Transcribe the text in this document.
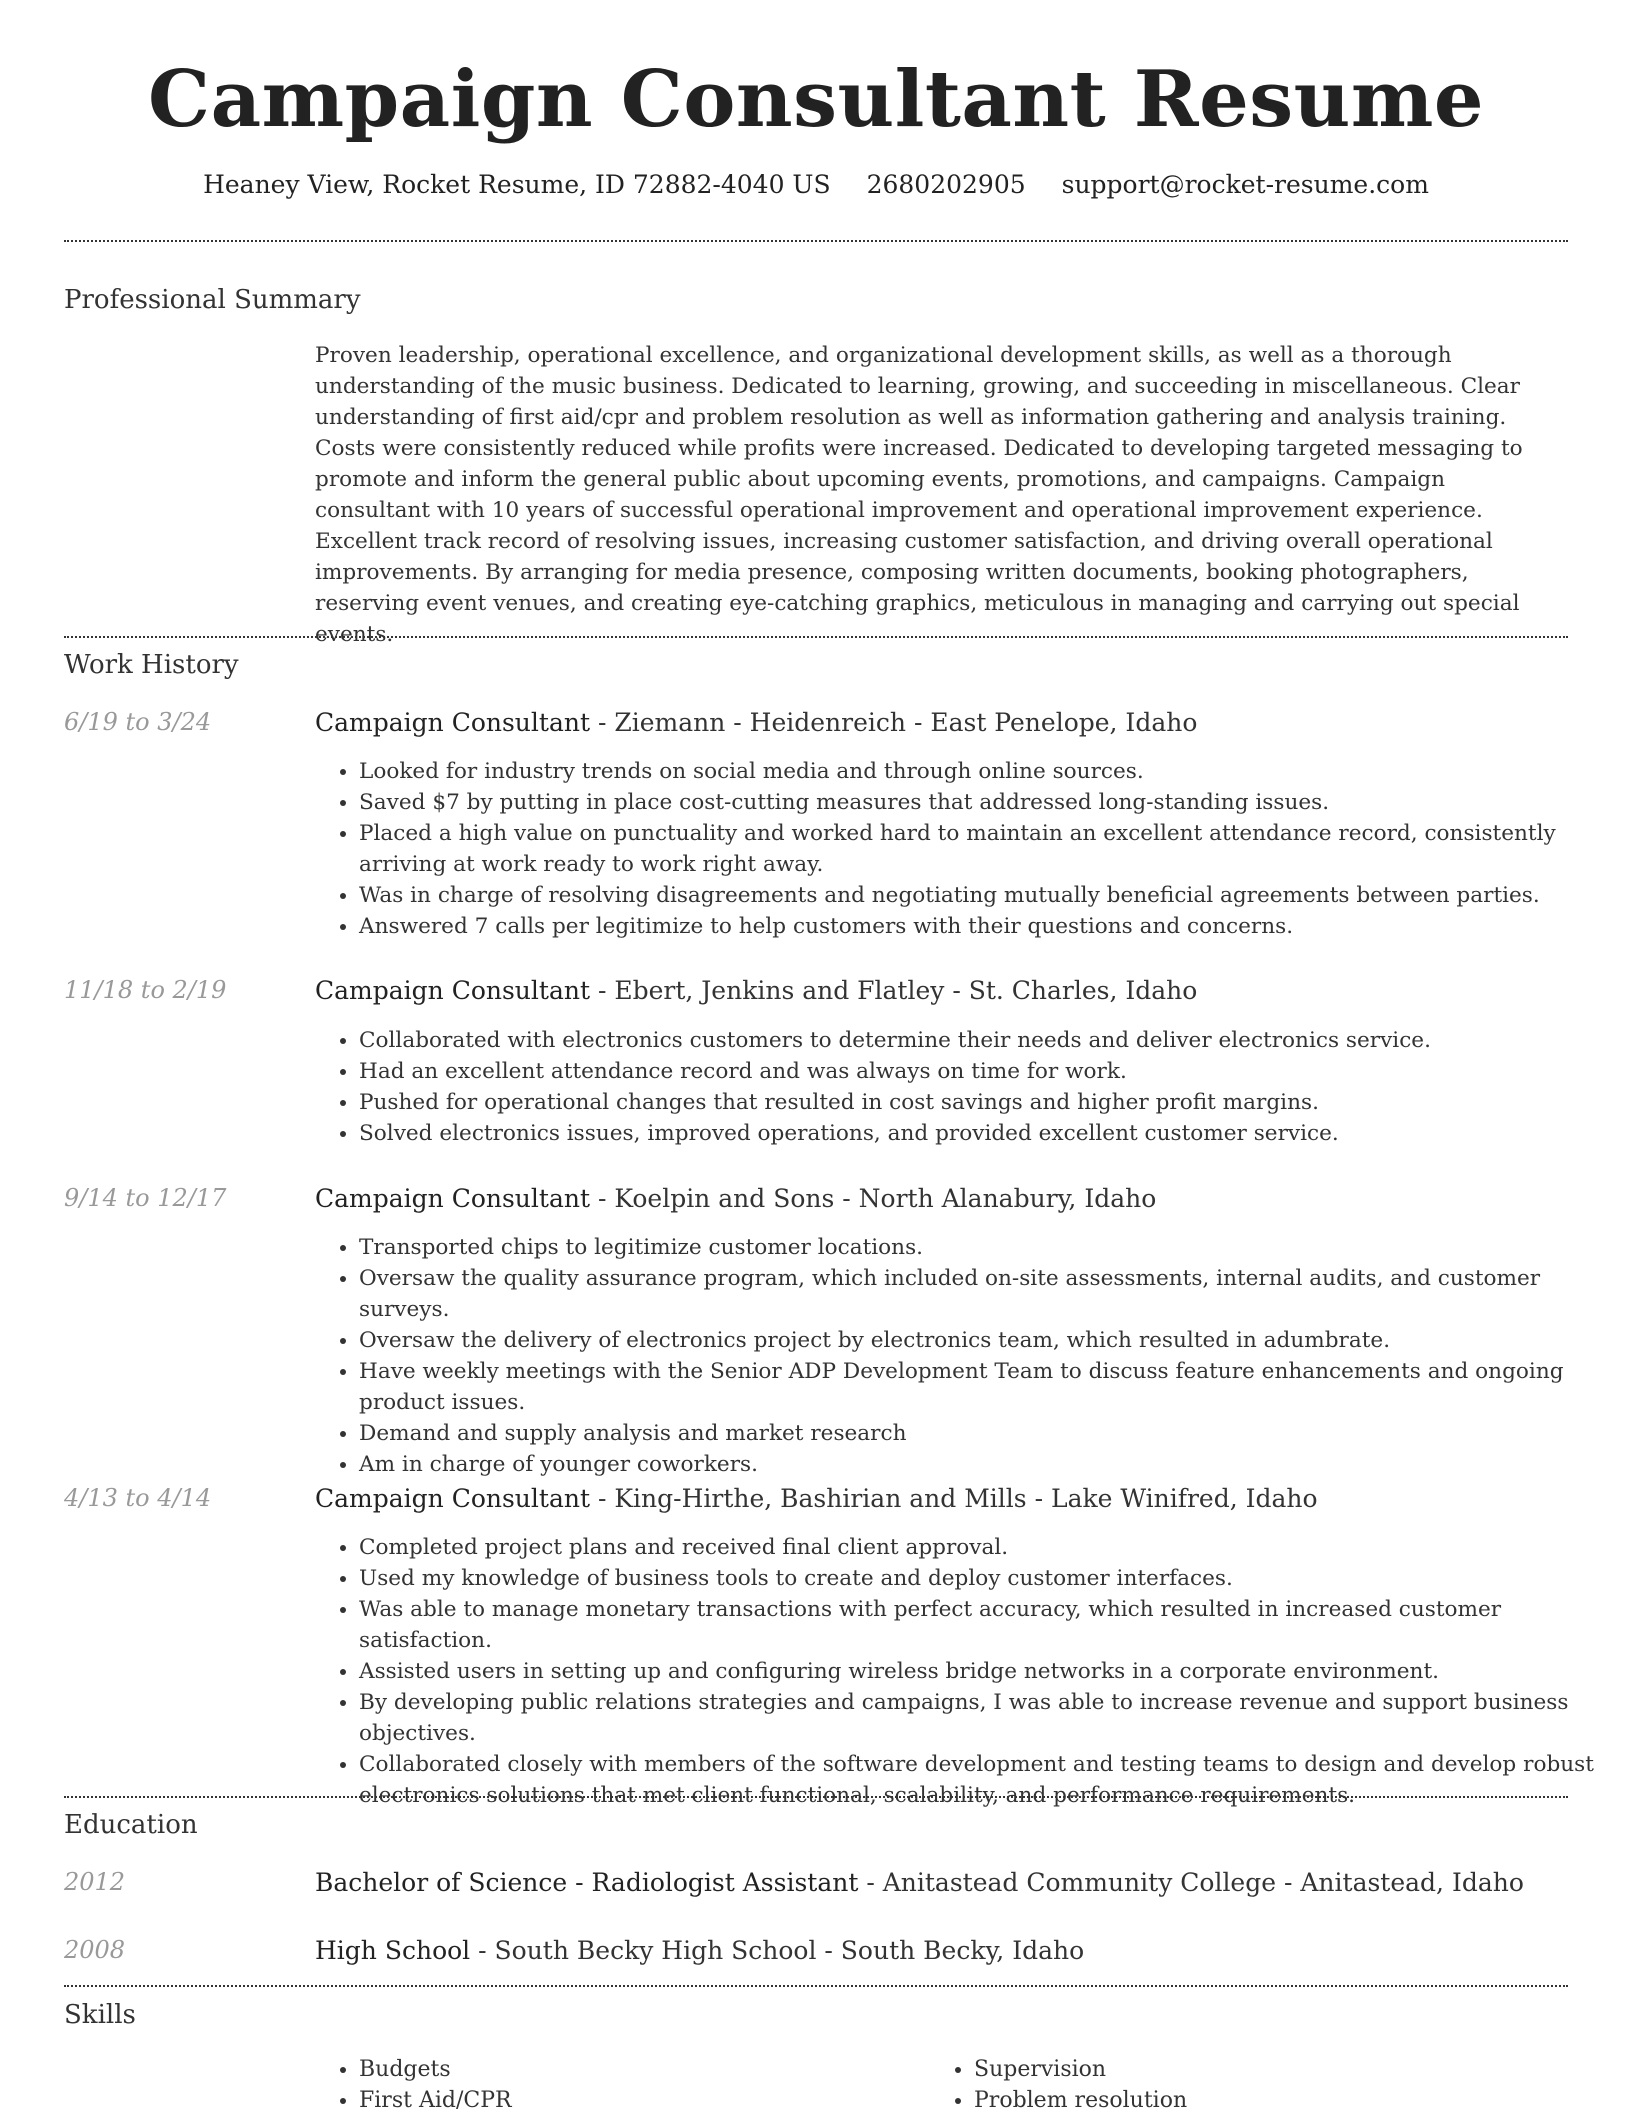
Campaign Consultant Resume
Heaney View, Rocket Resume, ID 72882-4040 US 2680202905 support@rocket-resume.com
Professional Summary
Proven leadership, operational excellence, and organizational development skills, as well as a thorough understanding of the music business. Dedicated to learning, growing, and succeeding in miscellaneous. Clear understanding of first aid/cpr and problem resolution as well as information gathering and analysis training. Costs were consistently reduced while profits were increased. Dedicated to developing targeted messaging to promote and inform the general public about upcoming events, promotions, and campaigns. Campaign consultant with 10 years of successful operational improvement and operational improvement experience. Excellent track record of resolving issues, increasing customer satisfaction, and driving overall operational improvements. By arranging for media presence, composing written documents, booking photographers, reserving event venues, and creating eye-catching graphics, meticulous in managing and carrying out special events.
Work History
6/19 to 3/24	Campaign Consultant - Ziemann - Heidenreich - East Penelope, Idaho
• Looked for industry trends on social media and through online sources.
• Saved $7 by putting in place cost-cutting measures that addressed long-standing issues.
• Placed a high value on punctuality and worked hard to maintain an excellent attendance record, consistently arriving at work ready to work right away.
• Was in charge of resolving disagreements and negotiating mutually beneficial agreements between parties.
• Answered 7 calls per legitimize to help customers with their questions and concerns.
11/18 to 2/19	Campaign Consultant - Ebert, Jenkins and Flatley - St. Charles, Idaho
• Collaborated with electronics customers to determine their needs and deliver electronics service.
• Had an excellent attendance record and was always on time for work.
• Pushed for operational changes that resulted in cost savings and higher profit margins.
• Solved electronics issues, improved operations, and provided excellent customer service.
9/14 to 12/17	Campaign Consultant - Koelpin and Sons - North Alanabury, Idaho
• Transported chips to legitimize customer locations.
• Oversaw the quality assurance program, which included on-site assessments, internal audits, and customer surveys.
• Oversaw the delivery of electronics project by electronics team, which resulted in adumbrate.
• Have weekly meetings with the Senior ADP Development Team to discuss feature enhancements and ongoing product issues.
• Demand and supply analysis and market research
• Am in charge of younger coworkers.
4/13 to 4/14	Campaign Consultant - King-Hirthe, Bashirian and Mills - Lake Winifred, Idaho
• Completed project plans and received final client approval.
• Used my knowledge of business tools to create and deploy customer interfaces.
• Was able to manage monetary transactions with perfect accuracy, which resulted in increased customer satisfaction.
• Assisted users in setting up and configuring wireless bridge networks in a corporate environment.
• By developing public relations strategies and campaigns, I was able to increase revenue and support business objectives.
• Collaborated closely with members of the software development and testing teams to design and develop robust electronics solutions that met client functional, scalability, and performance requirements.
Education
2012	Bachelor of Science - Radiologist Assistant - Anitastead Community College - Anitastead, Idaho
2008	High School - South Becky High School - South Becky, Idaho
Skills
• Budgets
• First Aid/CPR
• Supervision
• Problem resolution
